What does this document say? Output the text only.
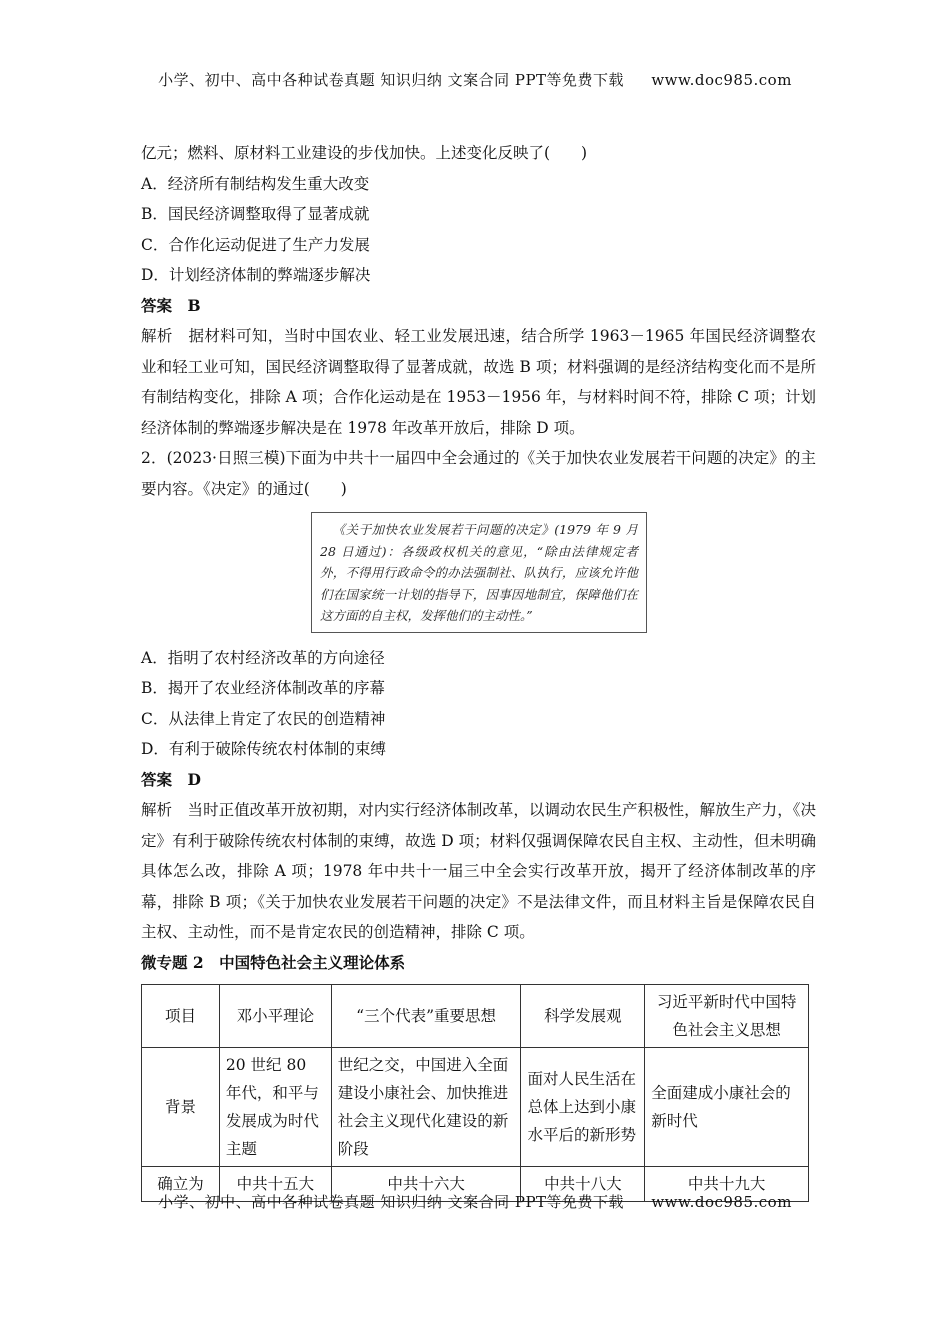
小学、初中、高中各种试卷真题 知识归纳 文案合同 PPT等免费下载 www.doc985.com

亿元；燃料、原材料工业建设的步伐加快。上述变化反映了(　　)

A．经济所有制结构发生重大改变

B．国民经济调整取得了显著成就

C．合作化运动促进了生产力发展

D．计划经济体制的弊端逐步解决

答案　B

解析　据材料可知，当时中国农业、轻工业发展迅速，结合所学 1963－1965 年国民经济调整农业和轻工业可知，国民经济调整取得了显著成就，故选 B 项；材料强调的是经济结构变化而不是所有制结构变化，排除 A 项；合作化运动是在 1953－1956 年，与材料时间不符，排除 C 项；计划经济体制的弊端逐步解决是在 1978 年改革开放后，排除 D 项。

2．(2023·日照三模)下面为中共十一届四中全会通过的《关于加快农业发展若干问题的决定》的主要内容。《决定》的通过(　　)

《关于加快农业发展若干问题的决定》(1979 年 9 月 28 日通过)：各级政权机关的意见，“除由法律规定者外，不得用行政命令的办法强制社、队执行，应该允许他们在国家统一计划的指导下，因事因地制宜，保障他们在这方面的自主权，发挥他们的主动性。”

A．指明了农村经济改革的方向途径

B．揭开了农业经济体制改革的序幕

C．从法律上肯定了农民的创造精神

D．有利于破除传统农村体制的束缚

答案　D

解析　当时正值改革开放初期，对内实行经济体制改革，以调动农民生产积极性，解放生产力，《决定》有利于破除传统农村体制的束缚，故选 D 项；材料仅强调保障农民自主权、主动性，但未明确具体怎么改，排除 A 项；1978 年中共十一届三中全会实行改革开放，揭开了经济体制改革的序幕，排除 B 项；《关于加快农业发展若干问题的决定》不是法律文件，而且材料主旨是保障农民自主权、主动性，而不是肯定农民的创造精神，排除 C 项。

微专题 2　中国特色社会主义理论体系

项目	邓小平理论	“三个代表”重要思想	科学发展观	习近平新时代中国特色社会主义思想
背景	20 世纪 80 年代，和平与发展成为时代主题	世纪之交，中国进入全面建设小康社会、加快推进社会主义现代化建设的新阶段	面对人民生活在总体上达到小康水平后的新形势	全面建成小康社会的新时代
确立为	中共十五大	中共十六大	中共十八大	中共十九大
小学、初中、高中各种试卷真题 知识归纳 文案合同 PPT等免费下载 www.doc985.com
